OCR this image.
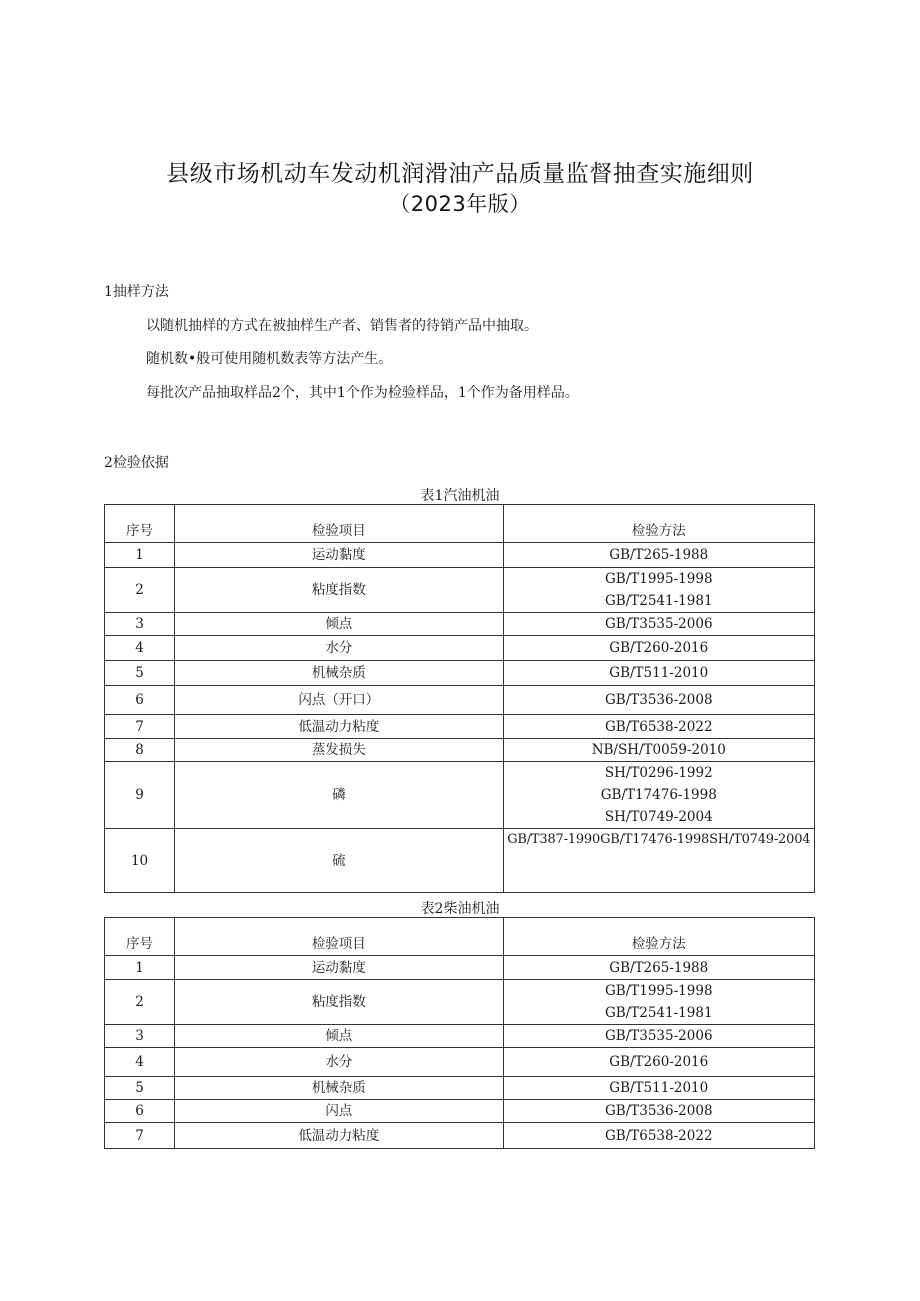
县级市场机动车发动机润滑油产品质量监督抽查实施细则
（2023年版）
1抽样方法
以随机抽样的方式在被抽样生产者、销售者的待销产品中抽取。
随机数•般可使用随机数表等方法产生。
每批次产品抽取样品2个，其中1个作为检验样品，1个作为备用样品。
2检验依据
表1汽油机油
序号	检验项目	检验方法
1	运动黏度	GB/T265-1988
2	粘度指数	GB/T1995-1998
GB/T2541-1981

3	倾点	GB/T3535-2006
4	水分	GB/T260-2016
5	机械杂质	GB/T511-2010
6	闪点（开口）	GB/T3536-2008
7	低温动力粘度	GB/T6538-2022
8	蒸发损失	NB/SH/T0059-2010
9	磷	SH/T0296-1992
GB/T17476-1998
SH/T0749-2004

10	硫	GB/T387-1990GB/T17476-1998SH/T0749-2004
表2柴油机油
序号	检验项目	检验方法
1	运动黏度	GB/T265-1988
2	粘度指数	GB/T1995-1998
GB/T2541-1981

3	倾点	GB/T3535-2006
4	水分	GB/T260-2016
5	机械杂质	GB/T511-2010
6	闪点	GB/T3536-2008
7	低温动力粘度	GB/T6538-2022
